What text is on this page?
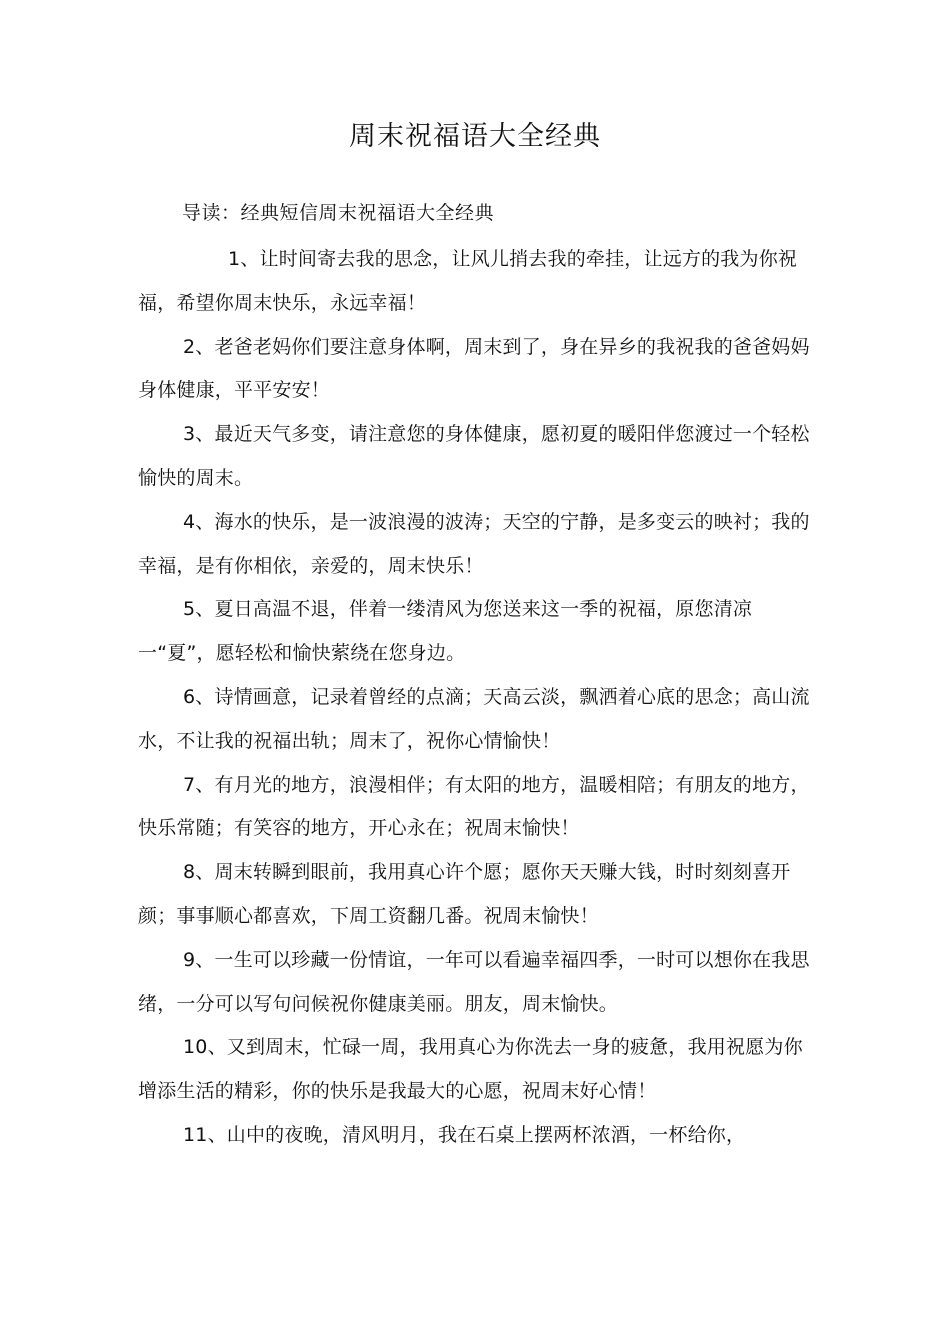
周末祝福语大全经典
导读：经典短信周末祝福语大全经典

1、让时间寄去我的思念，让风儿捎去我的牵挂，让远方的我为你祝福，希望你周末快乐，永远幸福！

2、老爸老妈你们要注意身体啊，周末到了，身在异乡的我祝我的爸爸妈妈身体健康，平平安安！

3、最近天气多变，请注意您的身体健康，愿初夏的暖阳伴您渡过一个轻松愉快的周末。

4、海水的快乐，是一波浪漫的波涛；天空的宁静，是多变云的映衬；我的幸福，是有你相依，亲爱的，周末快乐！

5、夏日高温不退，伴着一缕清风为您送来这一季的祝福，原您清凉一“夏”，愿轻松和愉快萦绕在您身边。

6、诗情画意，记录着曾经的点滴；天高云淡，飘洒着心底的思念；高山流水，不让我的祝福出轨；周末了，祝你心情愉快！

7、有月光的地方，浪漫相伴；有太阳的地方，温暖相陪；有朋友的地方，快乐常随；有笑容的地方，开心永在；祝周末愉快！

8、周末转瞬到眼前，我用真心许个愿；愿你天天赚大钱，时时刻刻喜开颜；事事顺心都喜欢，下周工资翻几番。祝周末愉快！

9、一生可以珍藏一份情谊，一年可以看遍幸福四季，一时可以想你在我思绪，一分可以写句问候祝你健康美丽。朋友，周末愉快。

10、又到周末，忙碌一周，我用真心为你洗去一身的疲惫，我用祝愿为你增添生活的精彩，你的快乐是我最大的心愿，祝周末好心情！

11、山中的夜晚，清风明月，我在石桌上摆两杯浓酒，一杯给你，
